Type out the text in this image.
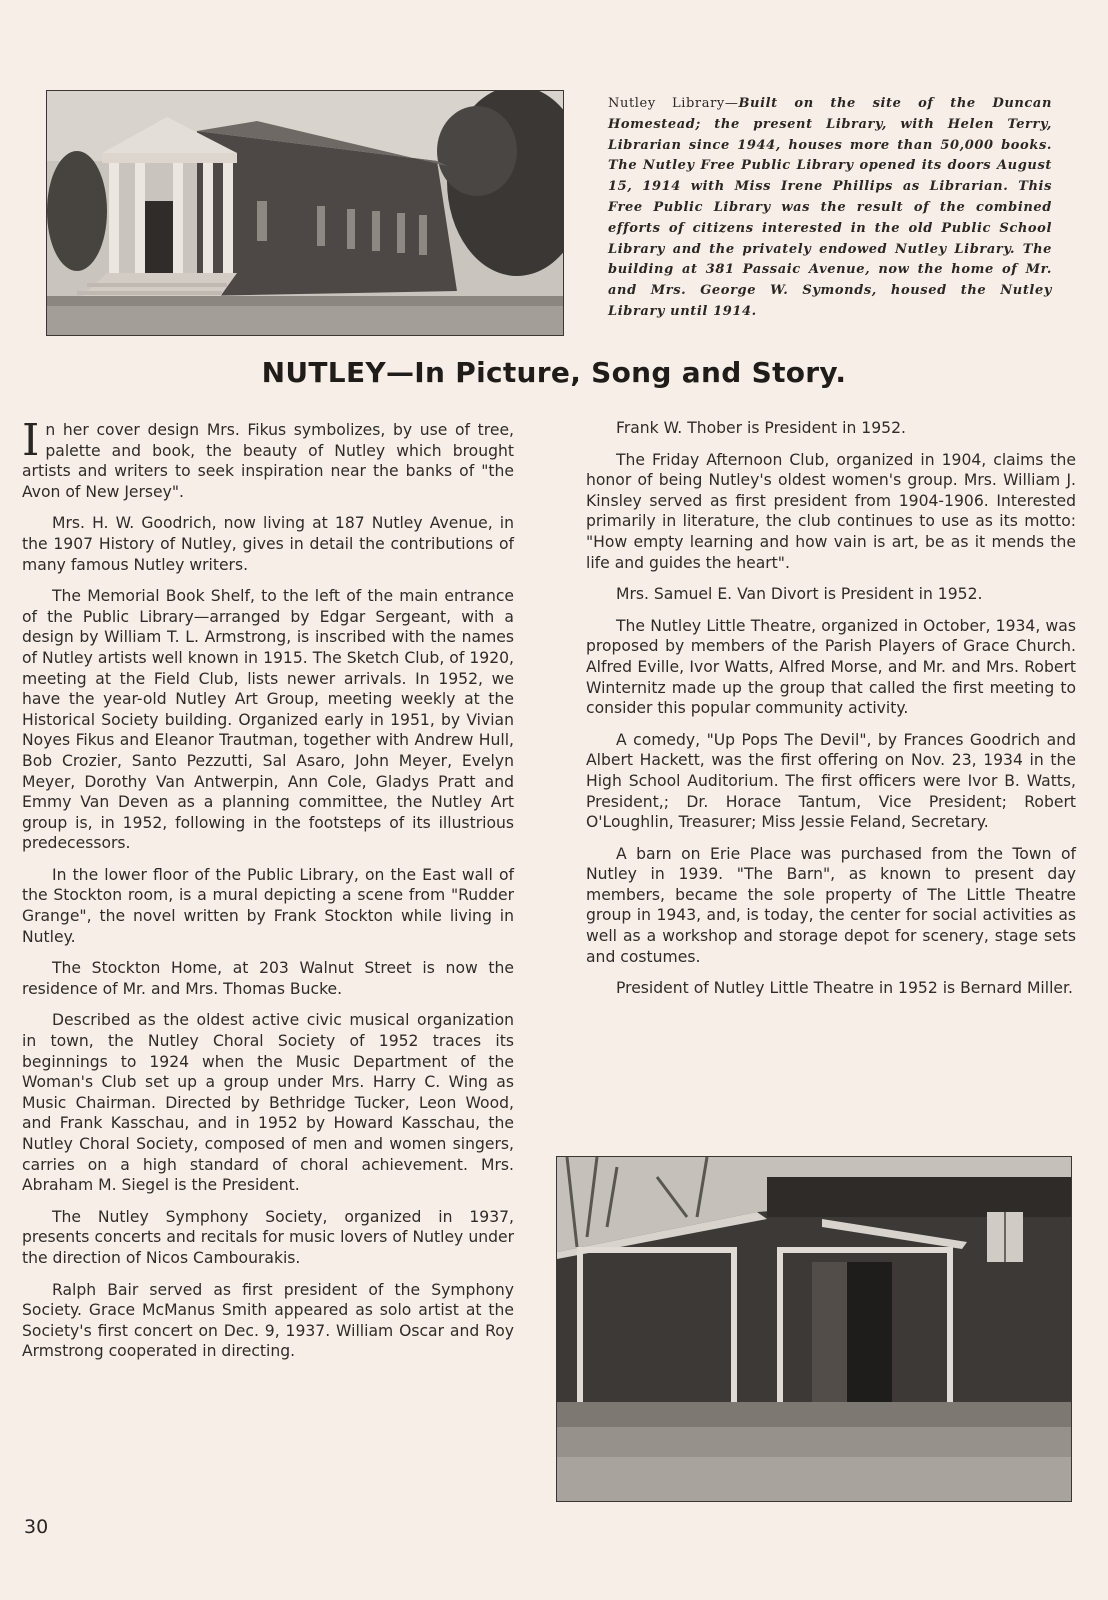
Nutley Library—Built on the site of the Duncan Homestead; the present Library, with Helen Terry, Librarian since 1944, houses more than 50,000 books. The Nutley Free Public Library opened its doors August 15, 1914 with Miss Irene Phillips as Librarian. This Free Public Library was the result of the combined efforts of citizens interested in the old Public School Library and the privately endowed Nutley Library. The building at 381 Passaic Avenue, now the home of Mr. and Mrs. George W. Symonds, housed the Nutley Library until 1914.
NUTLEY—In Picture, Song and Story.

In her cover design Mrs. Fikus symbolizes, by use of tree, palette and book, the beauty of Nutley which brought artists and writers to seek inspiration near the banks of "the Avon of New Jersey".

Mrs. H. W. Goodrich, now living at 187 Nutley Avenue, in the 1907 History of Nutley, gives in detail the contributions of many famous Nutley writers.

The Memorial Book Shelf, to the left of the main entrance of the Public Library—arranged by Edgar Sergeant, with a design by William T. L. Armstrong, is inscribed with the names of Nutley artists well known in 1915. The Sketch Club, of 1920, meeting at the Field Club, lists newer arrivals. In 1952, we have the year-old Nutley Art Group, meeting weekly at the Historical Society building. Organized early in 1951, by Vivian Noyes Fikus and Eleanor Trautman, together with Andrew Hull, Bob Crozier, Santo Pezzutti, Sal Asaro, John Meyer, Evelyn Meyer, Dorothy Van Antwerpin, Ann Cole, Gladys Pratt and Emmy Van Deven as a planning committee, the Nutley Art group is, in 1952, following in the footsteps of its illustrious predecessors.

In the lower floor of the Public Library, on the East wall of the Stockton room, is a mural depicting a scene from "Rudder Grange", the novel written by Frank Stockton while living in Nutley.

The Stockton Home, at 203 Walnut Street is now the residence of Mr. and Mrs. Thomas Bucke.

Described as the oldest active civic musical organization in town, the Nutley Choral Society of 1952 traces its beginnings to 1924 when the Music Department of the Woman's Club set up a group under Mrs. Harry C. Wing as Music Chairman. Directed by Bethridge Tucker, Leon Wood, and Frank Kasschau, and in 1952 by Howard Kasschau, the Nutley Choral Society, composed of men and women singers, carries on a high standard of choral achievement. Mrs. Abraham M. Siegel is the President.

The Nutley Symphony Society, organized in 1937, presents concerts and recitals for music lovers of Nutley under the direction of Nicos Cambourakis.

Ralph Bair served as first president of the Symphony Society. Grace McManus Smith appeared as solo artist at the Society's first concert on Dec. 9, 1937. William Oscar and Roy Armstrong cooperated in directing.

Frank W. Thober is President in 1952.

The Friday Afternoon Club, organized in 1904, claims the honor of being Nutley's oldest women's group. Mrs. William J. Kinsley served as first president from 1904-1906. Interested primarily in literature, the club continues to use as its motto: "How empty learning and how vain is art, be as it mends the life and guides the heart".

Mrs. Samuel E. Van Divort is President in 1952.

The Nutley Little Theatre, organized in October, 1934, was proposed by members of the Parish Players of Grace Church. Alfred Eville, Ivor Watts, Alfred Morse, and Mr. and Mrs. Robert Winternitz made up the group that called the first meeting to consider this popular community activity.

A comedy, "Up Pops The Devil", by Frances Goodrich and Albert Hackett, was the first offering on Nov. 23, 1934 in the High School Auditorium. The first officers were Ivor B. Watts, President,; Dr. Horace Tantum, Vice President; Robert O'Loughlin, Treasurer; Miss Jessie Feland, Secretary.

A barn on Erie Place was purchased from the Town of Nutley in 1939. "The Barn", as known to present day members, became the sole property of The Little Theatre group in 1943, and, is today, the center for social activities as well as a workshop and storage depot for scenery, stage sets and costumes.

President of Nutley Little Theatre in 1952 is Bernard Miller.

30
